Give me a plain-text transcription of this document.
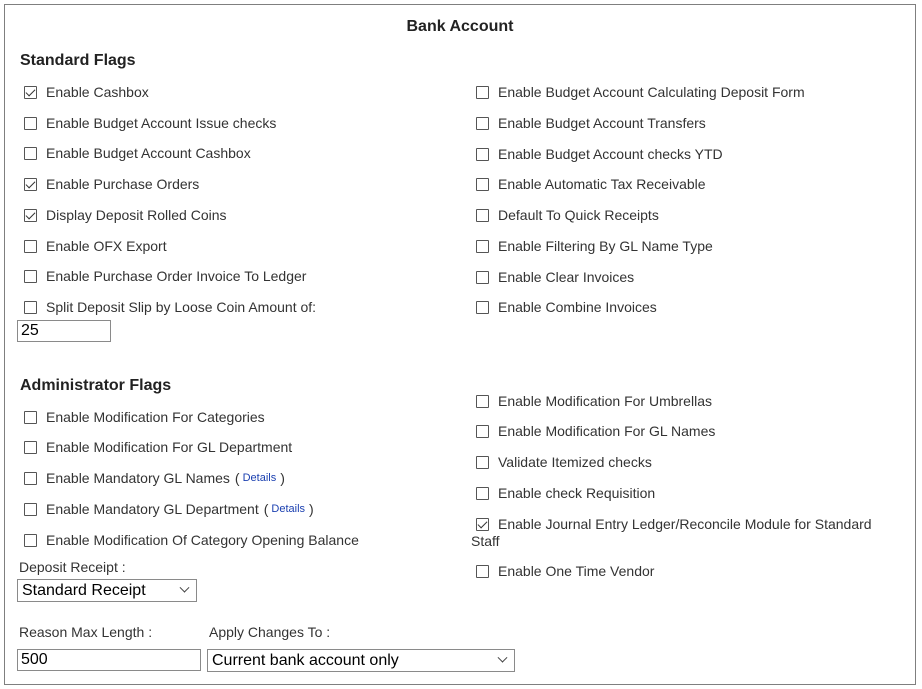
Bank Account
Standard Flags
Enable Cashbox
Enable Budget Account Issue checks
Enable Budget Account Cashbox
Enable Purchase Orders
Display Deposit Rolled Coins
Enable OFX Export
Enable Purchase Order Invoice To Ledger
Split Deposit Slip by Loose Coin Amount of:
25
Enable Budget Account Calculating Deposit Form
Enable Budget Account Transfers
Enable Budget Account checks YTD
Enable Automatic Tax Receivable
Default To Quick Receipts
Enable Filtering By GL Name Type
Enable Clear Invoices
Enable Combine Invoices
Administrator Flags
Enable Modification For Categories
Enable Modification For GL Department
Enable Mandatory GL Names ( Details )
Enable Mandatory GL Department ( Details )
Enable Modification Of Category Opening Balance
Deposit Receipt :
Standard Receipt
Reason Max Length :
500
Apply Changes To :
Current bank account only
Enable Modification For Umbrellas
Enable Modification For GL Names
Validate Itemized checks
Enable check Requisition
Enable Journal Entry Ledger/Reconcile Module for Standard
Staff
Enable One Time Vendor
